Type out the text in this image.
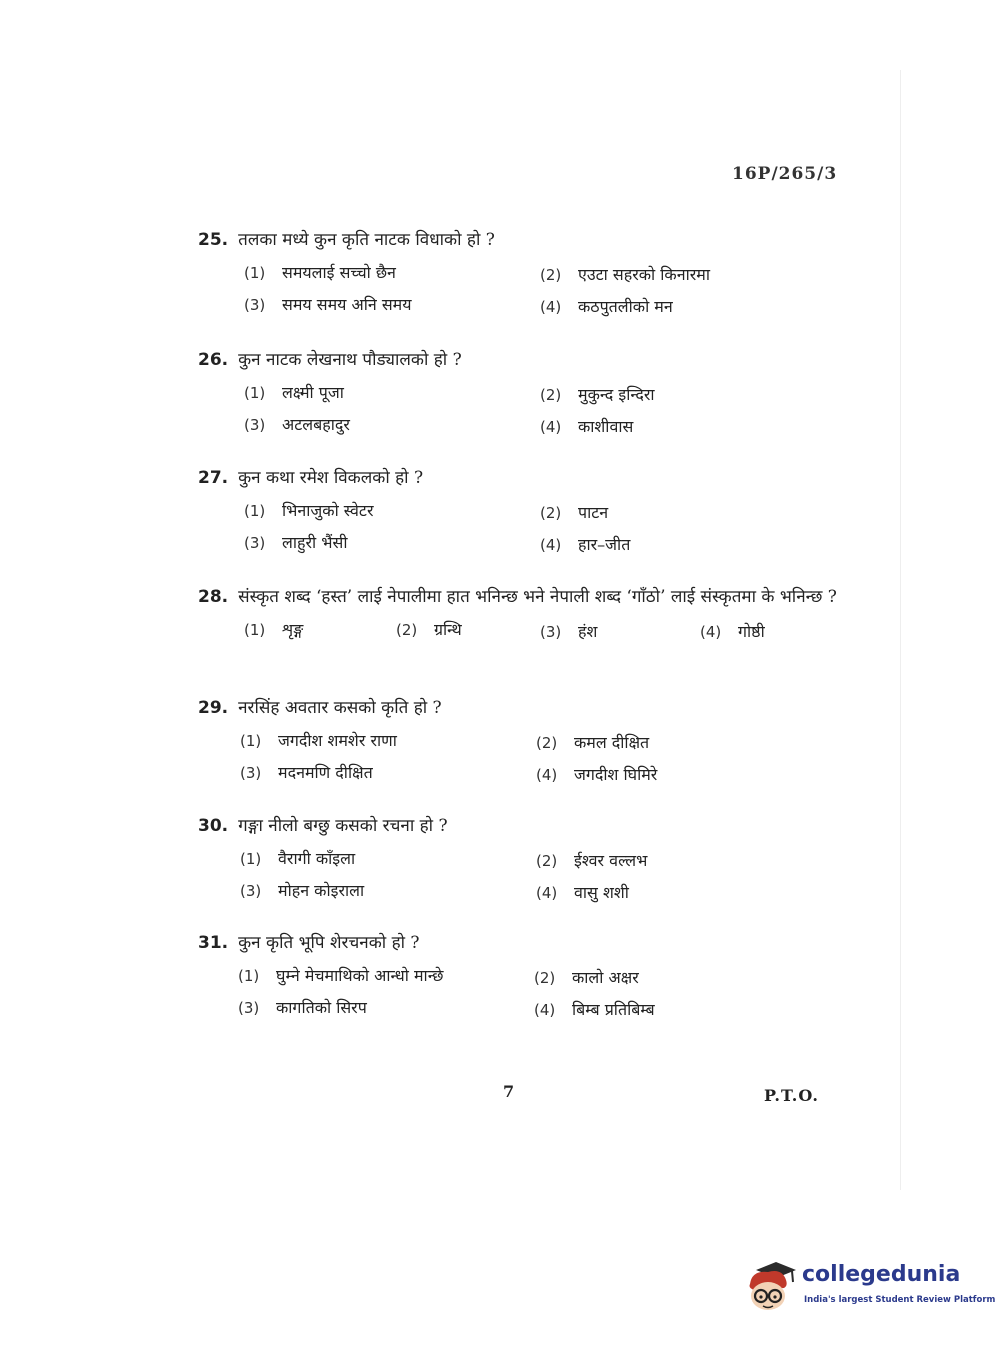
16P/265/3
25. तलका मध्ये कुन कृति नाटक विधाको हो ?
(1) समयलाई सच्चो छैन	(2) एउटा सहरको किनारमा
(3) समय समय अनि समय	(4) कठपुतलीको मन
26. कुन नाटक लेखनाथ पौड्यालको हो ?
(1) लक्ष्मी पूजा	(2) मुकुन्द इन्दिरा
(3) अटलबहादुर	(4) काशीवास
27. कुन कथा रमेश विकलको हो ?
(1) भिनाजुको स्वेटर	(2) पाटन
(3) लाहुरी भैंसी	(4) हार–जीत
28. संस्कृत शब्द ‘हस्त’ लाई नेपालीमा हात भनिन्छ भने नेपाली शब्द ‘गाँठो’ लाई संस्कृतमा के भनिन्छ ?
(1) शृङ्ग	(2) ग्रन्थि	(3) हंश	(4) गोष्ठी
29. नरसिंह अवतार कसको कृति हो ?
(1) जगदीश शमशेर राणा	(2) कमल दीक्षित
(3) मदनमणि दीक्षित	(4) जगदीश घिमिरे
30. गङ्गा नीलो बग्छु कसको रचना हो ?
(1) वैरागी काँइला	(2) ईश्वर वल्लभ
(3) मोहन कोइराला	(4) वासु शशी
31. कुन कृति भूपि शेरचनको हो ?
(1) घुम्ने मेचमाथिको आन्धो मान्छे	(2) कालो अक्षर
(3) कागतिको सिरप	(4) बिम्ब प्रतिबिम्ब
7	P.T.O.
collegedunia
India's largest Student Review Platform
